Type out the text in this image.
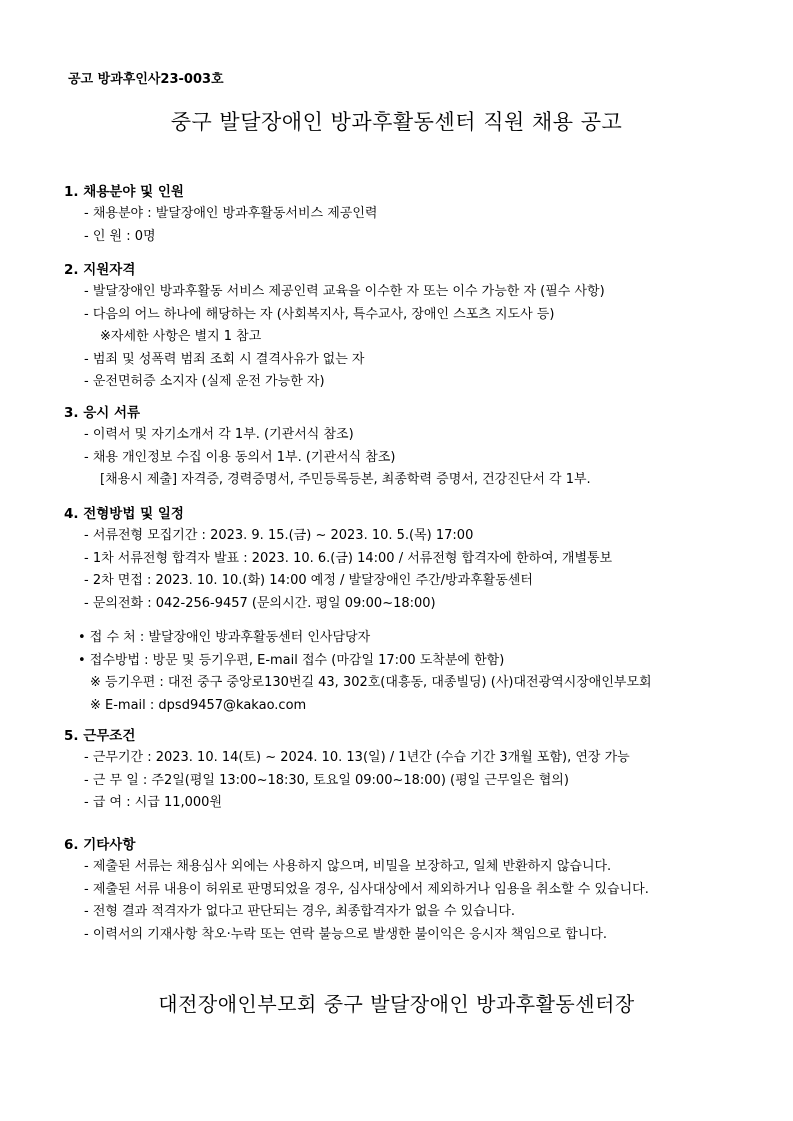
공고 방과후인사23-003호
중구 발달장애인 방과후활동센터 직원 채용 공고
1. 채용분야 및 인원
- 채용분야 : 발달장애인 방과후활동서비스 제공인력
- 인 원 : 0명
2. 지원자격
- 발달장애인 방과후활동 서비스 제공인력 교육을 이수한 자 또는 이수 가능한 자 (필수 사항)
- 다음의 어느 하나에 해당하는 자 (사회복지사, 특수교사, 장애인 스포츠 지도사 등)
※자세한 사항은 별지 1 참고
- 범죄 및 성폭력 범죄 조회 시 결격사유가 없는 자
- 운전면허증 소지자 (실제 운전 가능한 자)
3. 응시 서류
- 이력서 및 자기소개서 각 1부. (기관서식 참조)
- 채용 개인정보 수집 이용 동의서 1부. (기관서식 참조)
[채용시 제출] 자격증, 경력증명서, 주민등록등본, 최종학력 증명서, 건강진단서 각 1부.
4. 전형방법 및 일정
- 서류전형 모집기간 : 2023. 9. 15.(금) ~ 2023. 10. 5.(목) 17:00
- 1차 서류전형 합격자 발표 : 2023. 10. 6.(금) 14:00 / 서류전형 합격자에 한하여, 개별통보
- 2차 면접 : 2023. 10. 10.(화) 14:00 예정 / 발달장애인 주간/방과후활동센터
- 문의전화 : 042-256-9457 (문의시간. 평일 09:00~18:00)
• 접 수 처 : 발달장애인 방과후활동센터 인사담당자
• 접수방법 : 방문 및 등기우편, E-mail 접수 (마감일 17:00 도착분에 한함)
※ 등기우편 : 대전 중구 중앙로130번길 43, 302호(대흥동, 대종빌딩) (사)대전광역시장애인부모회
※ E-mail : dpsd9457@kakao.com
5. 근무조건
- 근무기간 : 2023. 10. 14(토) ~ 2024. 10. 13(일) / 1년간 (수습 기간 3개월 포함), 연장 가능
- 근 무 일 : 주2일(평일 13:00~18:30, 토요일 09:00~18:00) (평일 근무일은 협의)
- 급 여 : 시급 11,000원
6. 기타사항
- 제출된 서류는 채용심사 외에는 사용하지 않으며, 비밀을 보장하고, 일체 반환하지 않습니다.
- 제출된 서류 내용이 허위로 판명되었을 경우, 심사대상에서 제외하거나 임용을 취소할 수 있습니다.
- 전형 결과 적격자가 없다고 판단되는 경우, 최종합격자가 없을 수 있습니다.
- 이력서의 기재사항 착오·누락 또는 연락 불능으로 발생한 불이익은 응시자 책임으로 합니다.
대전장애인부모회 중구 발달장애인 방과후활동센터장
